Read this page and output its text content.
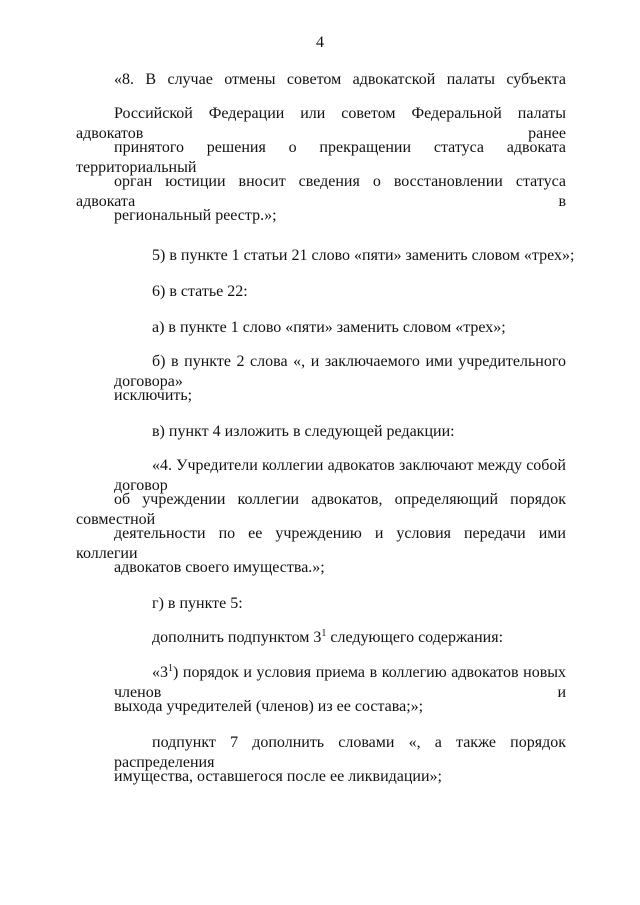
4
«8. В случае отмены советом адвокатской палаты субъекта
Российской Федерации или советом Федеральной палаты адвокатов ранее
принятого решения о прекращении статуса адвоката территориальный
орган юстиции вносит сведения о восстановлении статуса адвоката в
региональный реестр.»;
5) в пункте 1 статьи 21 слово «пяти» заменить словом «трех»;
6) в статье 22:
а) в пункте 1 слово «пяти» заменить словом «трех»;
б) в пункте 2 слова «, и заключаемого ими учредительного договора»
исключить;
в) пункт 4 изложить в следующей редакции:
«4. Учредители коллегии адвокатов заключают между собой договор
об учреждении коллегии адвокатов, определяющий порядок совместной
деятельности по ее учреждению и условия передачи ими коллегии
адвокатов своего имущества.»;
г) в пункте 5:
дополнить подпунктом $3^1$ следующего содержания:
«$3^1$) порядок и условия приема в коллегию адвокатов новых членов и
выхода учредителей (членов) из ее состава;»;
подпункт 7 дополнить словами «, а также порядок распределения
имущества, оставшегося после ее ликвидации»;
